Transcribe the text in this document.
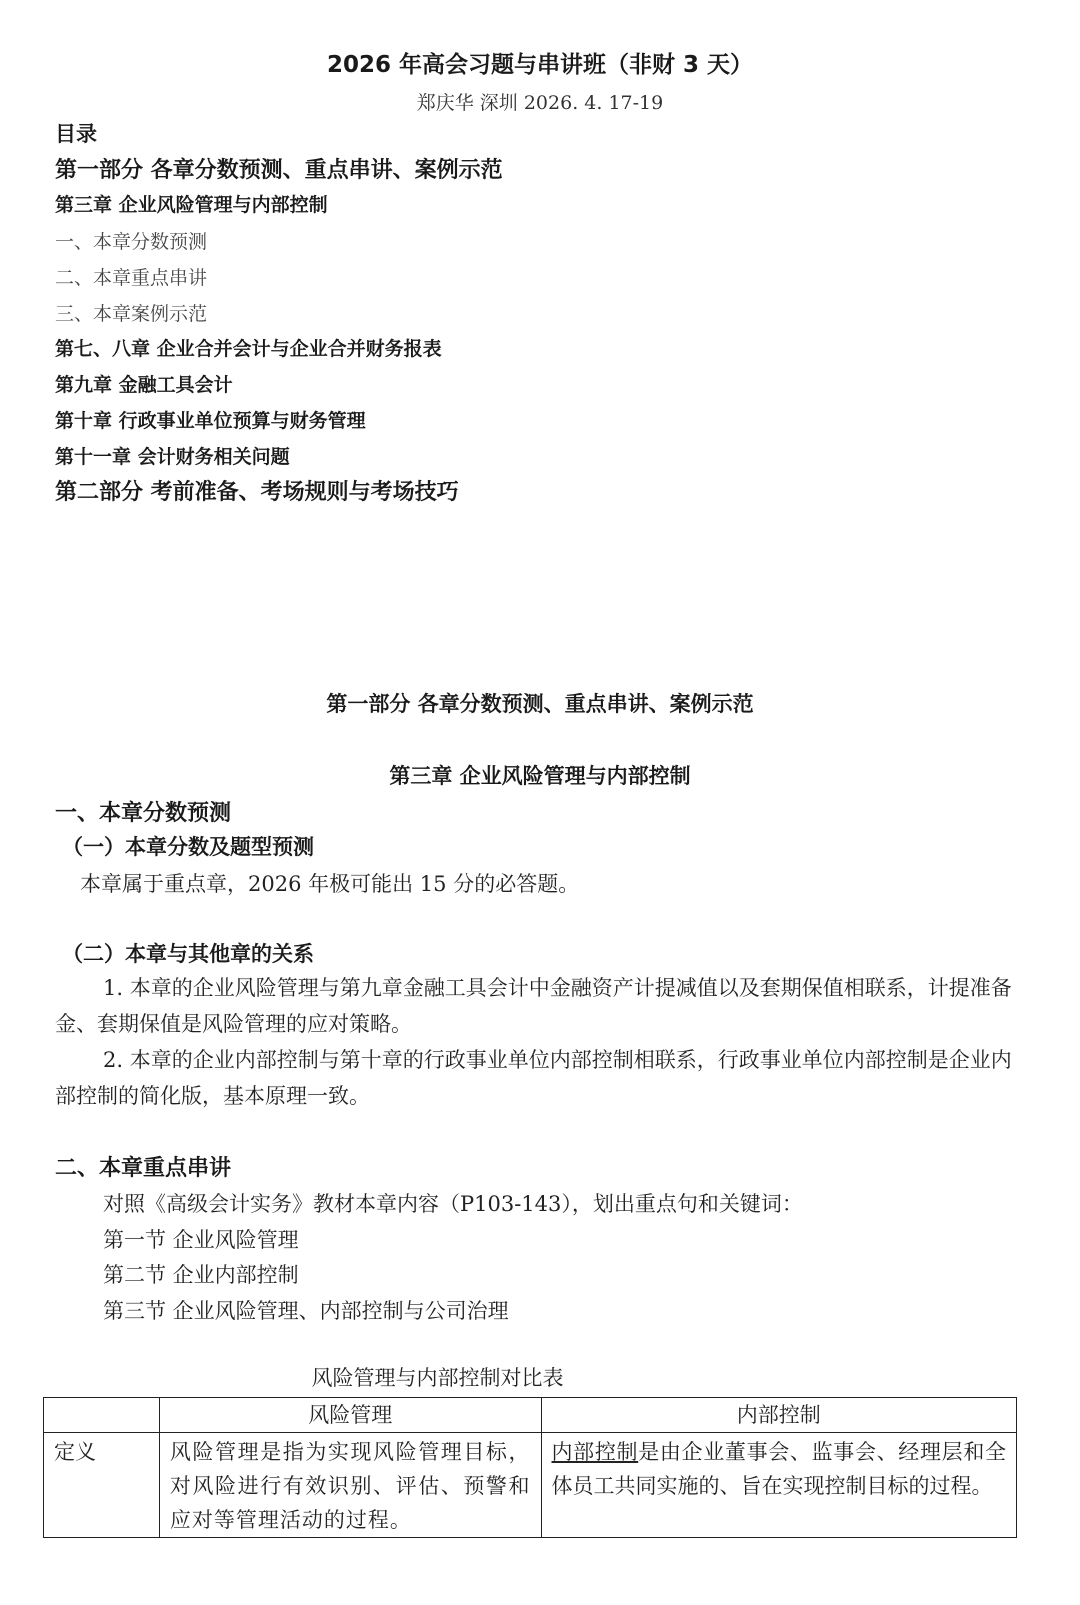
2026 年高会习题与串讲班（非财 3 天）
郑庆华 深圳 2026. 4. 17-19
目录
第一部分 各章分数预测、重点串讲、案例示范
第三章 企业风险管理与内部控制
一、本章分数预测
二、本章重点串讲
三、本章案例示范
第七、八章 企业合并会计与企业合并财务报表
第九章 金融工具会计
第十章 行政事业单位预算与财务管理
第十一章 会计财务相关问题
第二部分 考前准备、考场规则与考场技巧
第一部分 各章分数预测、重点串讲、案例示范
第三章 企业风险管理与内部控制
一、本章分数预测
（一）本章分数及题型预测
本章属于重点章，2026 年极可能出 15 分的必答题。
（二）本章与其他章的关系
1. 本章的企业风险管理与第九章金融工具会计中金融资产计提减值以及套期保值相联系，计提准备金、套期保值是风险管理的应对策略。
2. 本章的企业内部控制与第十章的行政事业单位内部控制相联系，行政事业单位内部控制是企业内部控制的简化版，基本原理一致。
二、本章重点串讲
对照《高级会计实务》教材本章内容（P103-143），划出重点句和关键词：
第一节 企业风险管理
第二节 企业内部控制
第三节 企业风险管理、内部控制与公司治理
风险管理与内部控制对比表
	风险管理	内部控制
定义	风险管理是指为实现风险管理目标，对风险进行有效识别、评估、预警和应对等管理活动的过程。	内部控制是由企业董事会、监事会、经理层和全体员工共同实施的、旨在实现控制目标的过程。
